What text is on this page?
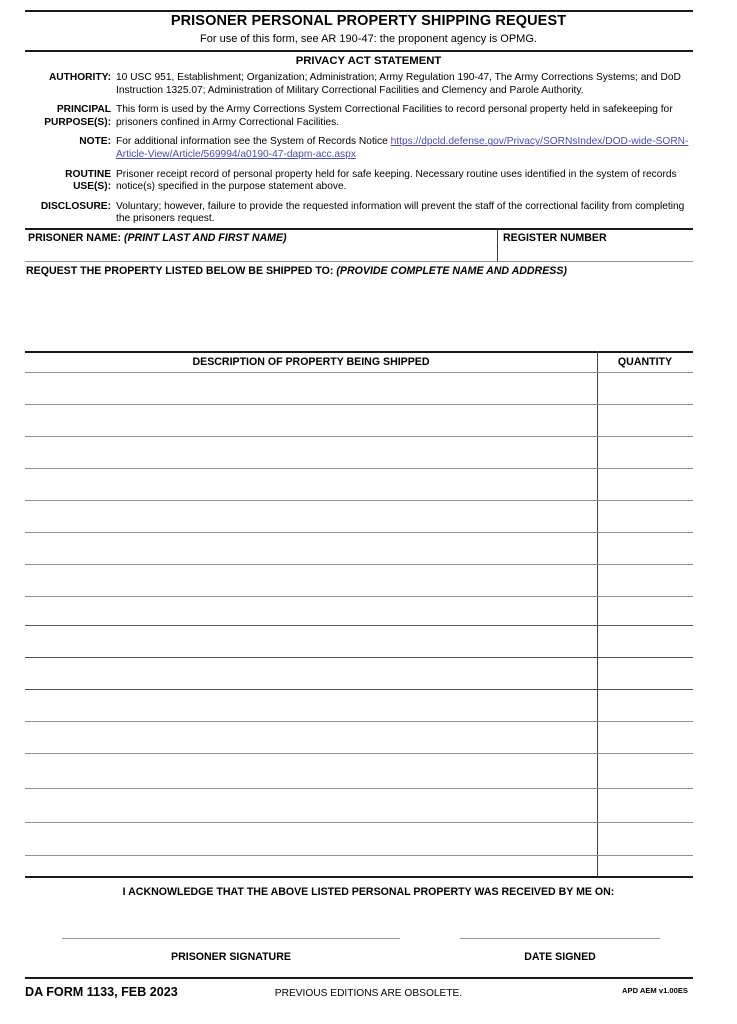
PRISONER PERSONAL PROPERTY SHIPPING REQUEST
For use of this form, see AR 190-47: the proponent agency is OPMG.
PRIVACY ACT STATEMENT
AUTHORITY: 10 USC 951, Establishment; Organization; Administration; Army Regulation 190-47, The Army Corrections Systems; and DoD Instruction 1325.07; Administration of Military Correctional Facilities and Clemency and Parole Authority.
PRINCIPAL
PURPOSE(S):
This form is used by the Army Corrections System Correctional Facilities to record personal property held in safekeeping for prisoners confined in Army Correctional Facilities.
NOTE: For additional information see the System of Records Notice https://dpcld.defense.gov/Privacy/SORNsIndex/DOD-wide-SORN-Article-View/Article/569994/a0190-47-dapm-acc.aspx
ROUTINE USE(S):
Prisoner receipt record of personal property held for safe keeping. Necessary routine uses identified in the system of records notice(s) specified in the purpose statement above.
DISCLOSURE: Voluntary; however, failure to provide the requested information will prevent the staff of the correctional facility from completing the prisoners request.
PRISONER NAME: (PRINT LAST AND FIRST NAME)	REGISTER NUMBER
REQUEST THE PROPERTY LISTED BELOW BE SHIPPED TO: (PROVIDE COMPLETE NAME AND ADDRESS)
DESCRIPTION OF PROPERTY BEING SHIPPED	QUANTITY
I ACKNOWLEDGE THAT THE ABOVE LISTED PERSONAL PROPERTY WAS RECEIVED BY ME ON:
PRISONER SIGNATURE	DATE SIGNED
DA FORM 1133, FEB 2023	PREVIOUS EDITIONS ARE OBSOLETE.	APD AEM v1.00ES
